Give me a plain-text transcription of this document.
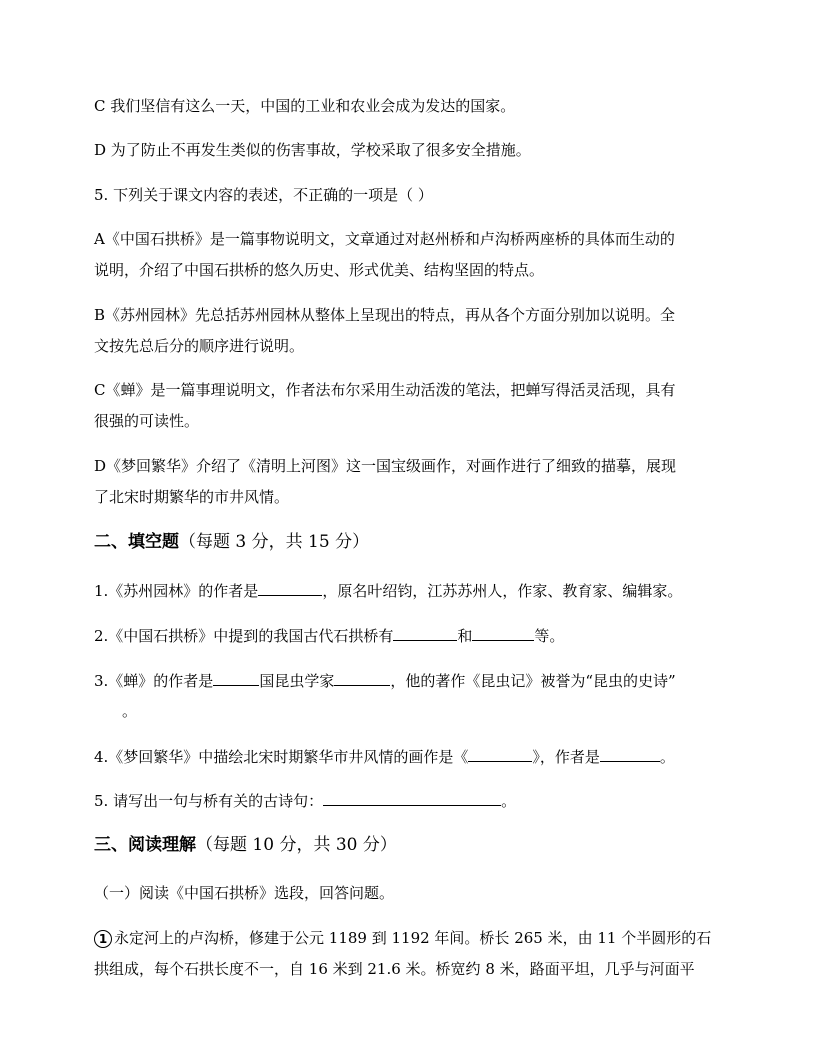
C 我们坚信有这么一天，中国的工业和农业会成为发达的国家。
D 为了防止不再发生类似的伤害事故，学校采取了很多安全措施。
5. 下列关于课文内容的表述，不正确的一项是（ ）
A《中国石拱桥》是一篇事物说明文，文章通过对赵州桥和卢沟桥两座桥的具体而生动的
说明，介绍了中国石拱桥的悠久历史、形式优美、结构坚固的特点。
B《苏州园林》先总括苏州园林从整体上呈现出的特点，再从各个方面分别加以说明。全
文按先总后分的顺序进行说明。
C《蝉》是一篇事理说明文，作者法布尔采用生动活泼的笔法，把蝉写得活灵活现，具有
很强的可读性。
D《梦回繁华》介绍了《清明上河图》这一国宝级画作，对画作进行了细致的描摹，展现
了北宋时期繁华的市井风情。
二、填空题（每题 3 分，共 15 分）
1.《苏州园林》的作者是	，原名叶绍钧，江苏苏州人，作家、教育家、编辑家。
2.《中国石拱桥》中提到的我国古代石拱桥有	和	等。
3.《蝉》的作者是	国昆虫学家	，他的著作《昆虫记》被誉为“昆虫的史诗”
。
4.《梦回繁华》中描绘北宋时期繁华市井风情的画作是《	》，作者是	。
5. 请写出一句与桥有关的古诗句：	。
三、阅读理解（每题 10 分，共 30 分）
（一）阅读《中国石拱桥》选段，回答问题。
1 永定河上的卢沟桥，修建于公元 1189 到 1192 年间。桥长 265 米，由 11 个半圆形的石
拱组成，每个石拱长度不一，自 16 米到 21.6 米。桥宽约 8 米，路面平坦，几乎与河面平
